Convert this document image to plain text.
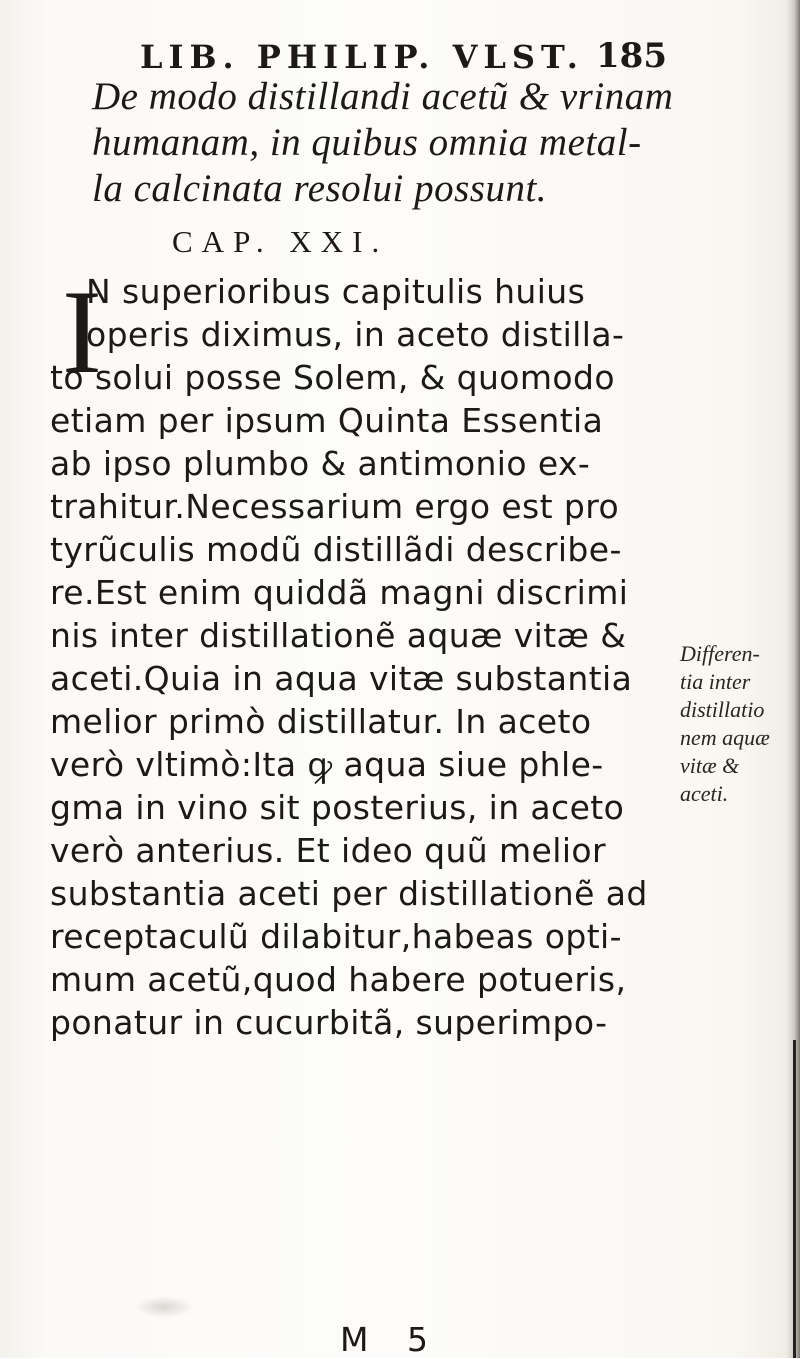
LIB. PHILIP. VLST. 185
De modo distillandi acetũ & vrinam
humanam, in quibus omnia metal-
la calcinata resolui possunt.
CAP. XXI.
I
N superioribus capitulis huius
operis diximus, in aceto distilla-
to solui posse Solem, & quomodo
etiam per ipsum Quinta Essentia
ab ipso plumbo & antimonio ex-
trahitur.Necessarium ergo est pro
tyrũculis modũ distillãdi describe-
re.Est enim quiddã magni discrimi
nis inter distillationẽ aquæ vitæ &
aceti.Quia in aqua vitæ substantia
melior primò distillatur. In aceto
verò vltimò:Ita ꝙ aqua siue phle-
gma in vino sit posterius, in aceto
verò anterius. Et ideo quũ melior
substantia aceti per distillationẽ ad
receptaculũ dilabitur,habeas opti-
mum acetũ,quod habere potueris,
ponatur in cucurbitã, superimpo-
Differen-
tia inter
distillatio
nem aquæ
vitæ &
aceti.
M 5
